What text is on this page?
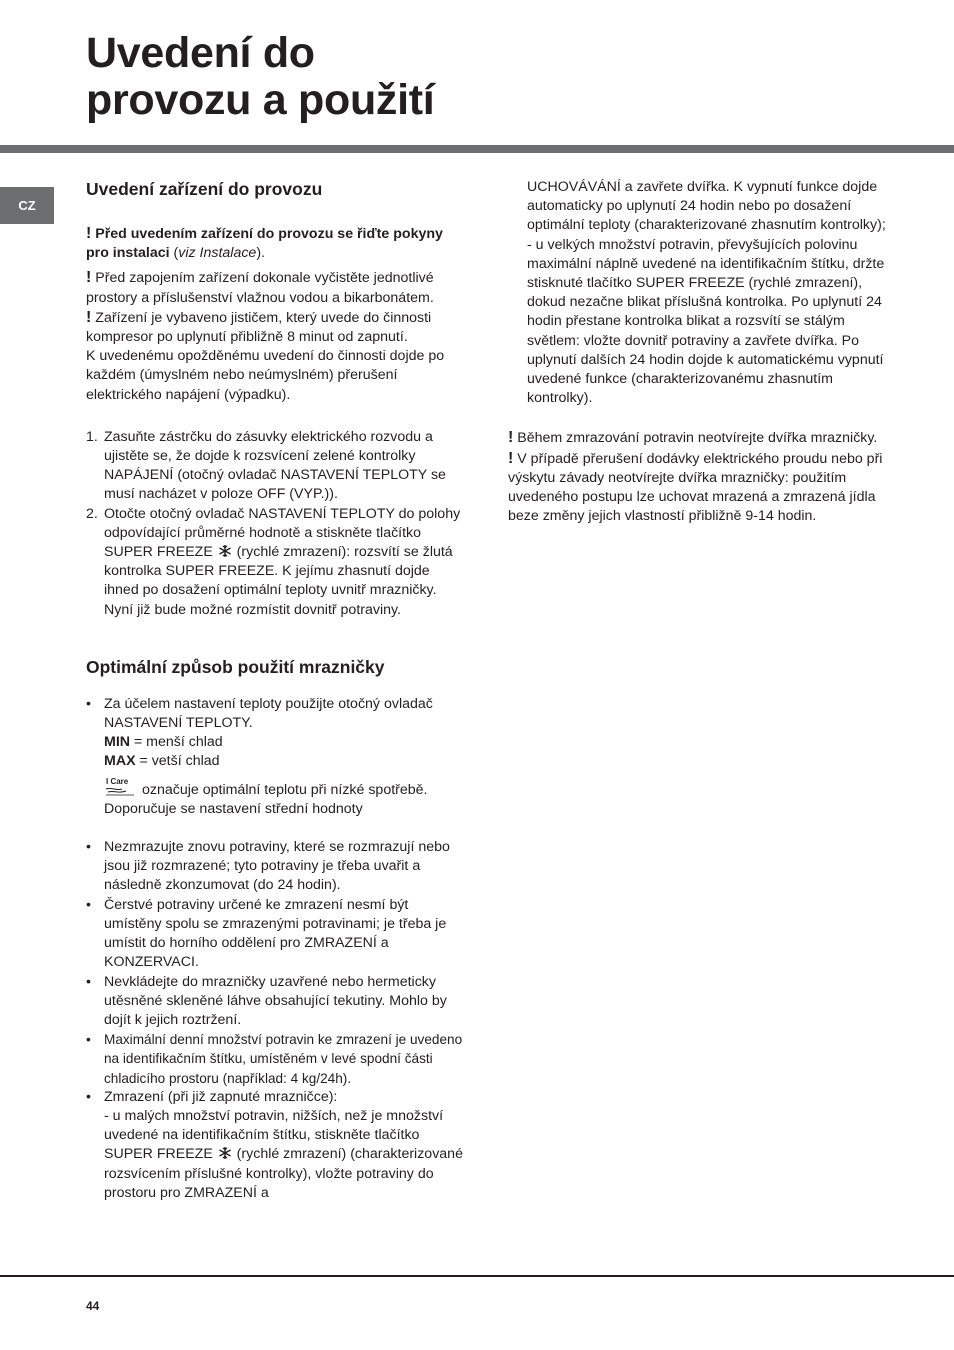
Uvedení do
provozu a použití
CZ
Uvedení zařízení do provozu

! Před uvedením zařízení do provozu se řiďte pokyny pro instalaci (viz Instalace).

! Před zapojením zařízení dokonale vyčistěte jednotlivé prostory a příslušenství vlažnou vodou a bikarbonátem.

! Zařízení je vybaveno jističem, který uvede do činnosti kompresor po uplynutí přibližně 8 minut od zapnutí.

K uvedenému opožděnému uvedení do činnosti dojde po každém (úmyslném nebo neúmyslném) přerušení elektrického napájení (výpadku).

1. Zasuňte zástrčku do zásuvky elektrického rozvodu a ujistěte se, že dojde k rozsvícení zelené kontrolky NAPÁJENÍ (otočný ovladač NASTAVENÍ TEPLOTY se musí nacházet v poloze OFF (VYP.)).
2. Otočte otočný ovladač NASTAVENÍ TEPLOTY do polohy odpovídající průměrné hodnotě a stiskněte tlačítko SUPER FREEZE  (rychlé zmrazení): rozsvítí se žlutá kontrolka SUPER FREEZE. K jejímu zhasnutí dojde ihned po dosažení optimální teploty uvnitř mrazničky. Nyní již bude možné rozmístit dovnitř potraviny.
Optimální způsob použití mrazničky
• Za účelem nastavení teploty použijte otočný ovladač NASTAVENÍ TEPLOTY.
MIN = menší chlad
MAX = vetší chlad

I Care
označuje optimální teplotu při nízké spotřebě. Doporučuje se nastavení střední hodnoty
• Nezmrazujte znovu potraviny, které se rozmrazují nebo jsou již rozmrazené; tyto potraviny je třeba uvařit a následně zkonzumovat (do 24 hodin).
• Čerstvé potraviny určené ke zmrazení nesmí být umístěny spolu se zmrazenými potravinami; je třeba je umístit do horního oddělení pro ZMRAZENÍ a KONZERVACI.
• Nevkládejte do mrazničky uzavřené nebo hermeticky utěsněné skleněné láhve obsahující tekutiny. Mohlo by dojít k jejich roztržení.
• Maximální denní množství potravin ke zmrazení je uvedeno na identifikačním štítku, umístěném v levé spodní části chladicího prostoru (například: 4 kg/24h).
• Zmrazení (při již zapnuté mrazničce):
- u malých množství potravin, nižších, než je množství uvedené na identifikačním štítku, stiskněte tlačítko SUPER FREEZE  (rychlé zmrazení) (charakterizované rozsvícením příslušné kontrolky), vložte potraviny do prostoru pro ZMRAZENÍ a

UCHOVÁVÁNÍ a zavřete dvířka. K vypnutí funkce dojde automaticky po uplynutí 24 hodin nebo po dosažení optimální teploty (charakterizované zhasnutím kontrolky);

- u velkých množství potravin, převyšujících polovinu maximální náplně uvedené na identifikačním štítku, držte stisknuté tlačítko SUPER FREEZE (rychlé zmrazení), dokud nezačne blikat příslušná kontrolka. Po uplynutí 24 hodin přestane kontrolka blikat a rozsvítí se stálým světlem: vložte dovnitř potraviny a zavřete dvířka. Po uplynutí dalších 24 hodin dojde k automatickému vypnutí uvedené funkce (charakterizovanému zhasnutím kontrolky).

! Během zmrazování potravin neotvírejte dvířka mrazničky.

! V případě přerušení dodávky elektrického proudu nebo při výskytu závady neotvírejte dvířka mrazničky: použitím uvedeného postupu lze uchovat mrazená a zmrazená jídla beze změny jejich vlastností přibližně 9-14 hodin.

44
